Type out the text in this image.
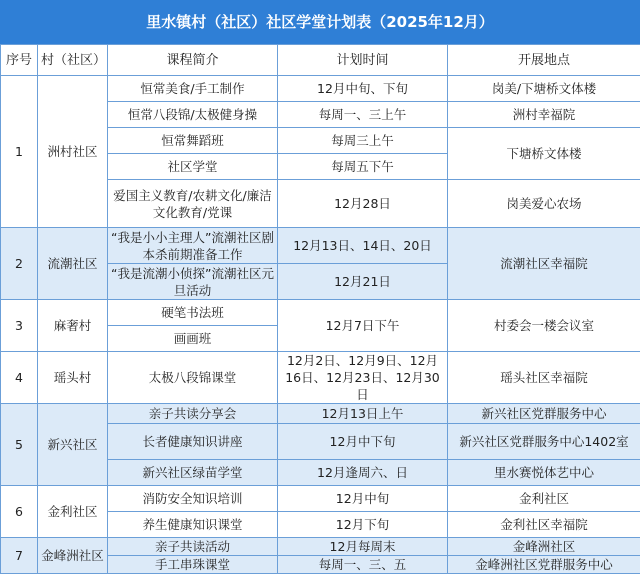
里水镇村（社区）社区学堂计划表（2025年12月）
序号	村（社区）	课程简介	计划时间	开展地点
1	洲村社区	恒常美食/手工制作	12月中旬、下旬	岗美/下塘桥文体楼
		恒常八段锦/太极健身操	每周一、三上午	洲村幸福院
		恒常舞蹈班	每周三上午	下塘桥文体楼
		社区学堂	每周五下午	
		爱国主义教育/农耕文化/廉洁文化教育/党课	12月28日	岗美爱心农场
2	流潮社区	“我是小小主理人”流潮社区剧本杀前期准备工作	12月13日、14日、20日	流潮社区幸福院
		“我是流潮小侦探”流潮社区元旦活动	12月21日	
3	麻奢村	硬笔书法班	12月7日下午	村委会一楼会议室
		画画班		
4	瑶头村	太极八段锦课堂	12月2日、12月9日、12月16日、12月23日、12月30日	瑶头社区幸福院
5	新兴社区	亲子共读分享会	12月13日上午	新兴社区党群服务中心
		长者健康知识讲座	12月中下旬	新兴社区党群服务中心1402室
		新兴社区绿苗学堂	12月逢周六、日	里水赛悦体艺中心
6	金利社区	消防安全知识培训	12月中旬	金利社区
		养生健康知识课堂	12月下旬	金利社区幸福院
7	金峰洲社区	亲子共读活动	12月每周末	金峰洲社区
		手工串珠课堂	每周一、三、五	金峰洲社区党群服务中心
